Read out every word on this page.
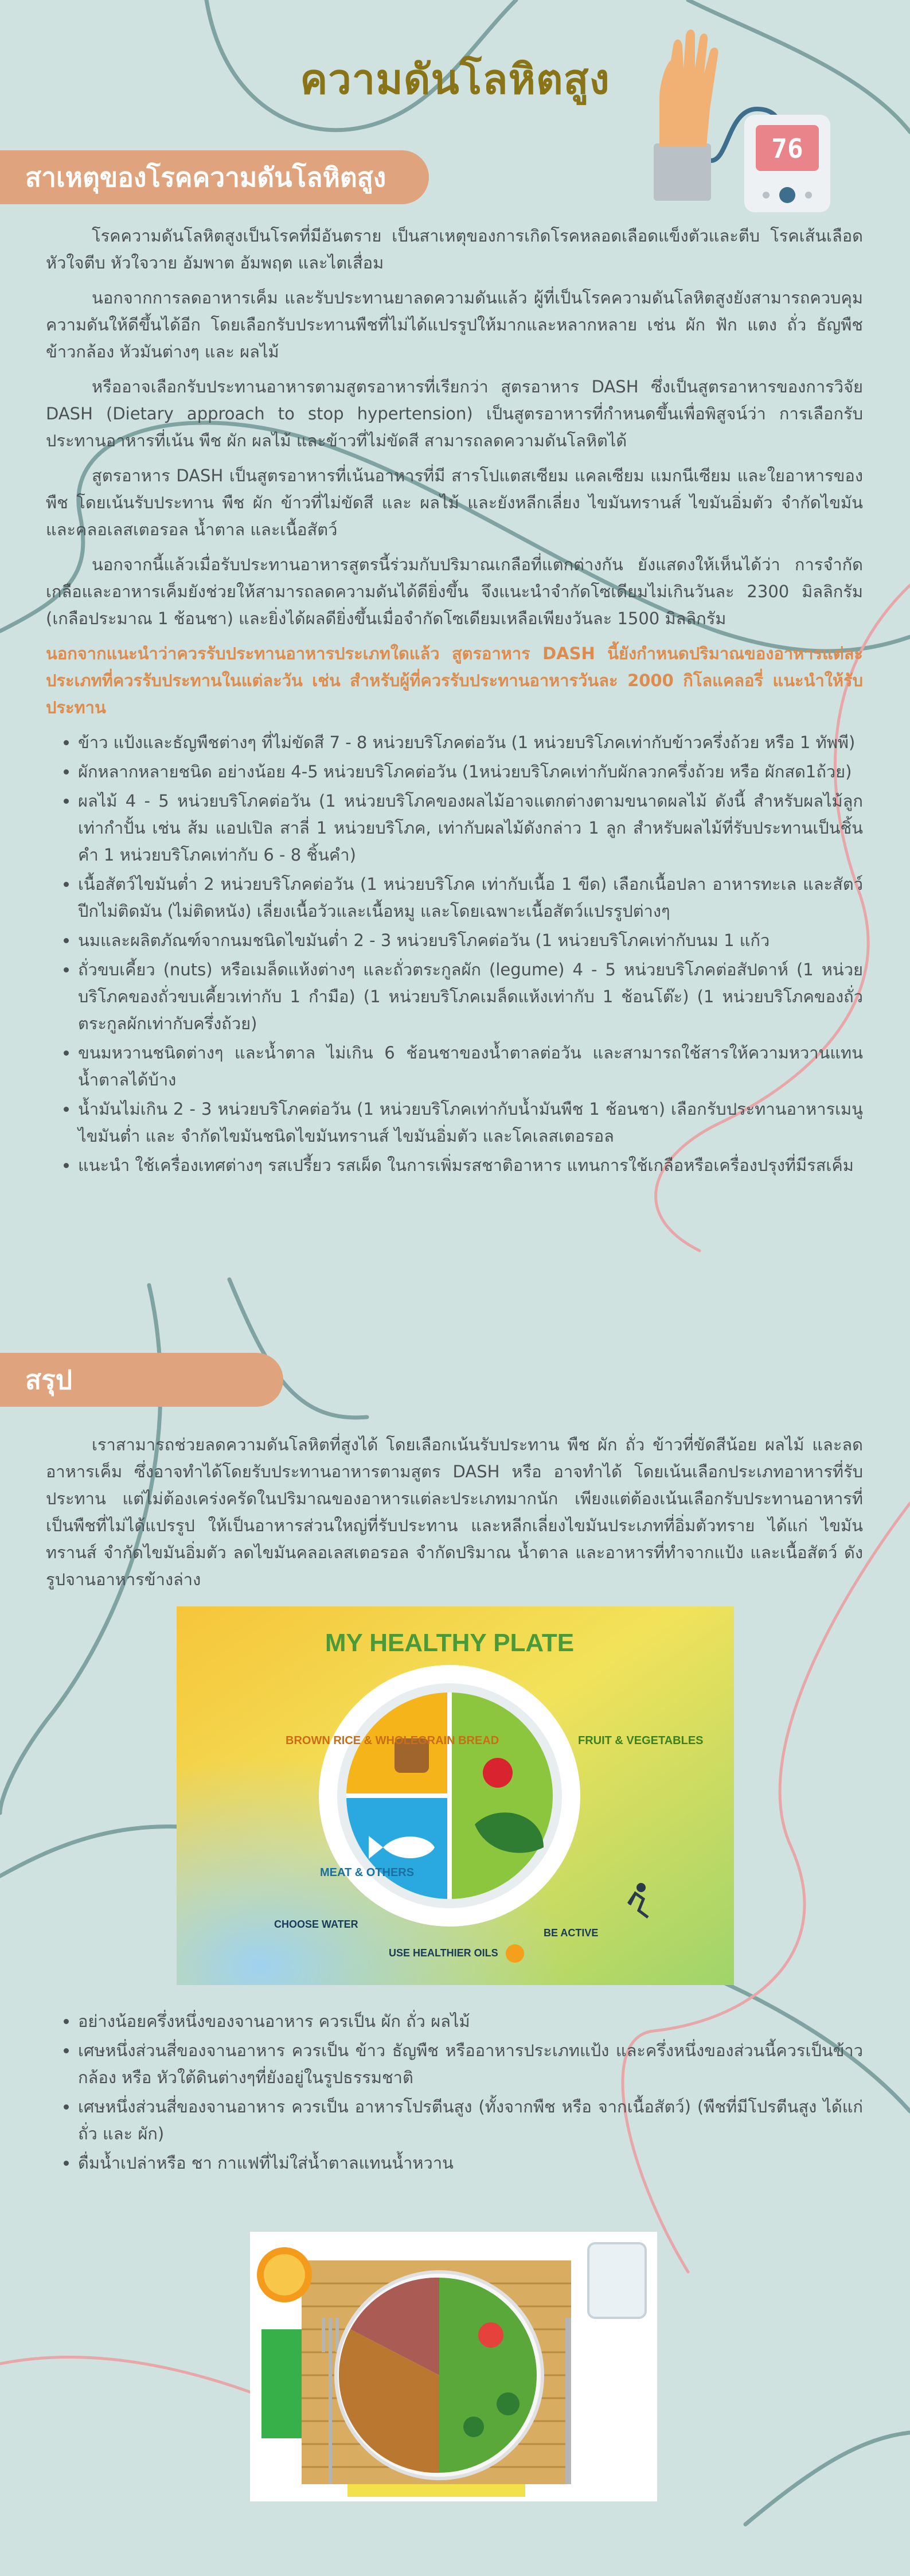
ความดันโลหิตสูง
76
สาเหตุของโรคความดันโลหิตสูง

โรคความดันโลหิตสูงเป็นโรคที่มีอันตราย เป็นสาเหตุของการเกิดโรคหลอดเลือดแข็งตัวและตีบ โรคเส้นเลือดหัวใจตีบ หัวใจวาย อัมพาต อัมพฤต และไตเสื่อม

นอกจากการลดอาหารเค็ม และรับประทานยาลดความดันแล้ว ผู้ที่เป็นโรคความดันโลหิตสูงยังสามารถควบคุมความดันให้ดีขึ้นได้อีก โดยเลือกรับประทานพืชที่ไม่ได้แปรรูปให้มากและหลากหลาย เช่น ผัก ฟัก แตง ถั่ว ธัญพืช ข้าวกล้อง หัวมันต่างๆ และ ผลไม้

หรืออาจเลือกรับประทานอาหารตามสูตรอาหารที่เรียกว่า สูตรอาหาร DASH ซึ่งเป็นสูตรอาหารของการวิจัย DASH (Dietary approach to stop hypertension) เป็นสูตรอาหารที่กำหนดขึ้นเพื่อพิสูจน์ว่า การเลือกรับประทานอาหารที่เน้น พืช ผัก ผลไม้ และข้าวที่ไม่ขัดสี สามารถลดความดันโลหิตได้

สูตรอาหาร DASH เป็นสูตรอาหารที่เน้นอาหารที่มี สารโปแตสเซียม แคลเซียม แมกนีเซียม และใยอาหารของพืช โดยเน้นรับประทาน พืช ผัก ข้าวที่ไม่ขัดสี และ ผลไม้ และยังหลีกเลี่ยง ไขมันทรานส์ ไขมันอิ่มตัว จำกัดไขมัน และคลอเลสเตอรอล น้ำตาล และเนื้อสัตว์

นอกจากนี้แล้วเมื่อรับประทานอาหารสูตรนี้ร่วมกับปริมาณเกลือที่แตกต่างกัน ยังแสดงให้เห็นได้ว่า การจำกัดเกลือและอาหารเค็มยังช่วยให้สามารถลดความดันได้ดียิ่งขึ้น จึงแนะนำจำกัดโซเดียมไม่เกินวันละ 2300 มิลลิกรัม (เกลือประมาณ 1 ช้อนชา) และยิ่งได้ผลดียิ่งขึ้นเมื่อจำกัดโซเดียมเหลือเพียงวันละ 1500 มิลลิกรัม

นอกจากแนะนำว่าควรรับประทานอาหารประเภทใดแล้ว สูตรอาหาร DASH นี้ยังกำหนดปริมาณของอาหารแต่ละประเภทที่ควรรับประทานในแต่ละวัน เช่น สำหรับผู้ที่ควรรับประทานอาหารวันละ 2000 กิโลแคลอรี่ แนะนำให้รับประทาน

• ข้าว แป้งและธัญพืชต่างๆ ที่ไม่ขัดสี 7 - 8 หน่วยบริโภคต่อวัน (1 หน่วยบริโภคเท่ากับข้าวครึ่งถ้วย หรือ 1 ทัพพี)
• ผักหลากหลายชนิด อย่างน้อย 4-5 หน่วยบริโภคต่อวัน (1หน่วยบริโภคเท่ากับผักลวกครึ่งถ้วย หรือ ผักสด1ถ้วย)
• ผลไม้ 4 - 5 หน่วยบริโภคต่อวัน (1 หน่วยบริโภคของผลไม้อาจแตกต่างตามขนาดผลไม้ ดังนี้ สำหรับผลไม้ลูกเท่ากำปั้น เช่น ส้ม แอปเปิล สาลี่ 1 หน่วยบริโภค, เท่ากับผลไม้ดังกล่าว 1 ลูก สำหรับผลไม้ที่รับประทานเป็นชิ้นคำ 1 หน่วยบริโภคเท่ากับ 6 - 8 ชิ้นคำ)
• เนื้อสัตว์ไขมันต่ำ 2 หน่วยบริโภคต่อวัน (1 หน่วยบริโภค เท่ากับเนื้อ 1 ขีด) เลือกเนื้อปลา อาหารทะเล และสัตว์ปีกไม่ติดมัน (ไม่ติดหนัง) เลี่ยงเนื้อวัวและเนื้อหมู และโดยเฉพาะเนื้อสัตว์แปรรูปต่างๆ
• นมและผลิตภัณฑ์จากนมชนิดไขมันต่ำ 2 - 3 หน่วยบริโภคต่อวัน (1 หน่วยบริโภคเท่ากับนม 1 แก้ว
• ถั่วขบเคี้ยว (nuts) หรือเมล็ดแห้งต่างๆ และถั่วตระกูลผัก (legume) 4 - 5 หน่วยบริโภคต่อสัปดาห์ (1 หน่วยบริโภคของถั่วขบเคี้ยวเท่ากับ 1 กำมือ) (1 หน่วยบริโภคเมล็ดแห้งเท่ากับ 1 ช้อนโต๊ะ) (1 หน่วยบริโภคของถั่วตระกูลผักเท่ากับครึ่งถ้วย)
• ขนมหวานชนิดต่างๆ และน้ำตาล ไม่เกิน 6 ช้อนชาของน้ำตาลต่อวัน และสามารถใช้สารให้ความหวานแทนน้ำตาลได้บ้าง
• น้ำมันไม่เกิน 2 - 3 หน่วยบริโภคต่อวัน (1 หน่วยบริโภคเท่ากับน้ำมันพืช 1 ช้อนชา) เลือกรับประทานอาหารเมนูไขมันต่ำ และ จำกัดไขมันชนิดไขมันทรานส์ ไขมันอิ่มตัว และโคเลสเตอรอล
• แนะนำ ใช้เครื่องเทศต่างๆ รสเปรี้ยว รสเผ็ด ในการเพิ่มรสชาติอาหาร แทนการใช้เกลือหรือเครื่องปรุงที่มีรสเค็ม
สรุป

เราสามารถช่วยลดความดันโลหิตที่สูงได้ โดยเลือกเน้นรับประทาน พืช ผัก ถั่ว ข้าวที่ขัดสีน้อย ผลไม้ และลดอาหารเค็ม ซึ่งอาจทำได้โดยรับประทานอาหารตามสูตร DASH หรือ อาจทำได้ โดยเน้นเลือกประเภทอาหารที่รับประทาน แต่ไม่ต้องเคร่งครัดในปริมาณของอาหารแต่ละประเภทมากนัก เพียงแต่ต้องเน้นเลือกรับประทานอาหารที่เป็นพืชที่ไม่ได้แปรรูป ให้เป็นอาหารส่วนใหญ่ที่รับประทาน และหลีกเลี่ยงไขมันประเภทที่อิ่มตัวทราย ได้แก่ ไขมันทรานส์ จำกัดไขมันอิ่มตัว ลดไขมันคลอเลสเตอรอล จำกัดปริมาณ น้ำตาล และอาหารที่ทำจากแป้ง และเนื้อสัตว์ ดังรูปจานอาหารข้างล่าง

MY HEALTHY PLATE
BROWN RICE & WHOLEGRAIN BREAD	FRUIT & VEGETABLES
MEAT & OTHERS
CHOOSE WATER
USE HEALTHIER OILS
BE ACTIVE
• อย่างน้อยครึ่งหนึ่งของจานอาหาร ควรเป็น ผัก ถั่ว ผลไม้
• เศษหนึ่งส่วนสี่ของจานอาหาร ควรเป็น ข้าว ธัญพืช หรืออาหารประเภทแป้ง และครึ่งหนึ่งของส่วนนี้ควรเป็นข้าวกล้อง หรือ หัวใต้ดินต่างๆที่ยังอยู่ในรูปธรรมชาติ
• เศษหนึ่งส่วนสี่ของจานอาหาร ควรเป็น อาหารโปรตีนสูง (ทั้งจากพืช หรือ จากเนื้อสัตว์) (พืชที่มีโปรตีนสูง ได้แก่ ถั่ว และ ผัก)
• ดื่มน้ำเปล่าหรือ ชา กาแฟที่ไม่ใส่น้ำตาลแทนน้ำหวาน
